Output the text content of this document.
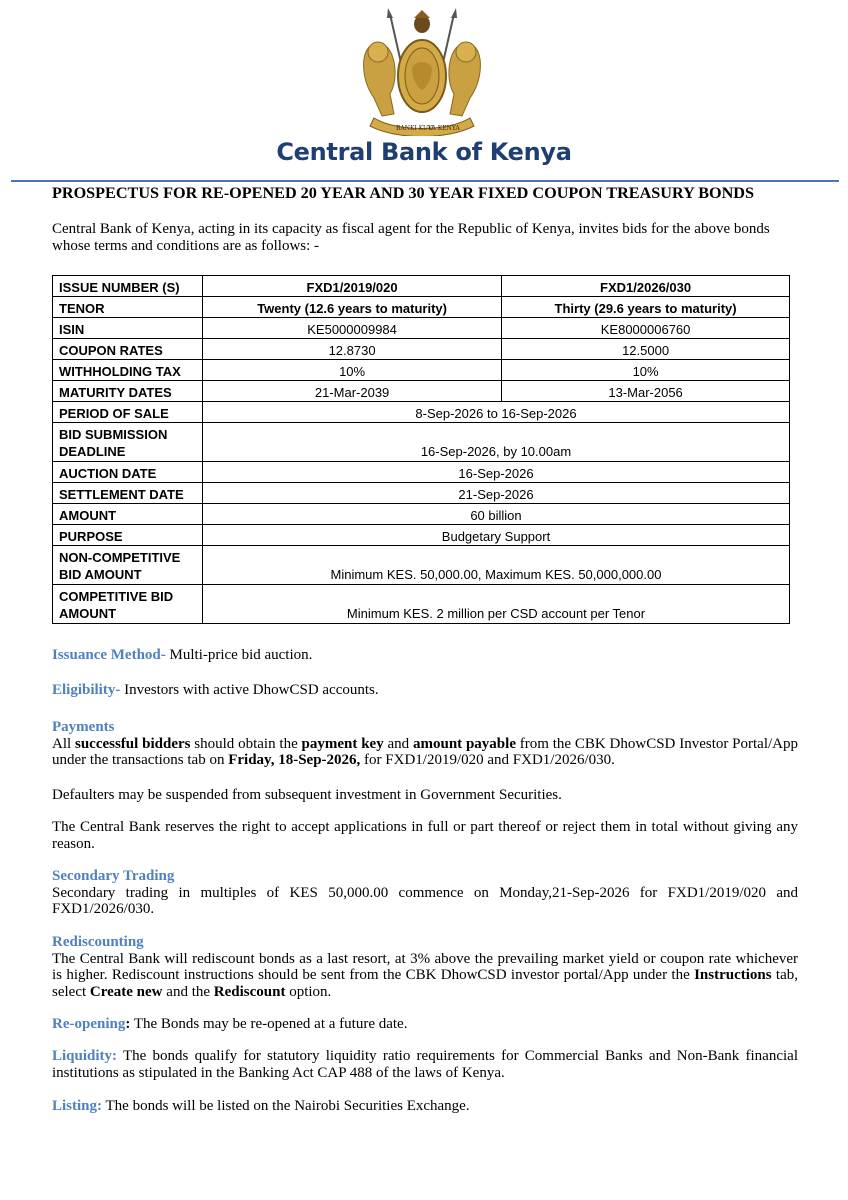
BANKI KUU
YA KENYA
Central Bank of Kenya
PROSPECTUS FOR RE-OPENED 20 YEAR AND 30 YEAR FIXED COUPON TREASURY BONDS
Central Bank of Kenya, acting in its capacity as fiscal agent for the Republic of Kenya, invites bids for the above bonds whose terms and conditions are as follows: -
ISSUE NUMBER (S)	FXD1/2019/020	FXD1/2026/030
TENOR	Twenty (12.6 years to maturity)	Thirty (29.6 years to maturity)
ISIN	KE5000009984	KE8000006760
COUPON RATES	12.8730	12.5000
WITHHOLDING TAX	10%	10%
MATURITY DATES	21-Mar-2039	13-Mar-2056
PERIOD OF SALE	8-Sep-2026 to 16-Sep-2026	
BID SUBMISSION
DEADLINE	16-Sep-2026, by 10.00am	
AUCTION DATE	16-Sep-2026	
SETTLEMENT DATE	21-Sep-2026	
AMOUNT	60 billion	
PURPOSE	Budgetary Support	
NON-COMPETITIVE
BID AMOUNT	Minimum KES. 50,000.00, Maximum KES. 50,000,000.00	
COMPETITIVE BID
AMOUNT	Minimum KES. 2 million per CSD account per Tenor	
Issuance Method- Multi-price bid auction.
Eligibility- Investors with active DhowCSD accounts.
Payments
All successful bidders should obtain the payment key and amount payable from the CBK DhowCSD Investor Portal/App under the transactions tab on Friday, 18-Sep-2026, for FXD1/2019/020 and FXD1/2026/030.
Defaulters may be suspended from subsequent investment in Government Securities.
The Central Bank reserves the right to accept applications in full or part thereof or reject them in total without giving any reason.
Secondary Trading
Secondary trading in multiples of KES 50,000.00 commence on Monday,21-Sep-2026 for FXD1/2019/020 and FXD1/2026/030.
Rediscounting
The Central Bank will rediscount bonds as a last resort, at 3% above the prevailing market yield or coupon rate whichever is higher. Rediscount instructions should be sent from the CBK DhowCSD investor portal/App under the Instructions tab, select Create new and the Rediscount option.
Re-opening: The Bonds may be re-opened at a future date.
Liquidity: The bonds qualify for statutory liquidity ratio requirements for Commercial Banks and Non-Bank financial institutions as stipulated in the Banking Act CAP 488 of the laws of Kenya.
Listing: The bonds will be listed on the Nairobi Securities Exchange.
